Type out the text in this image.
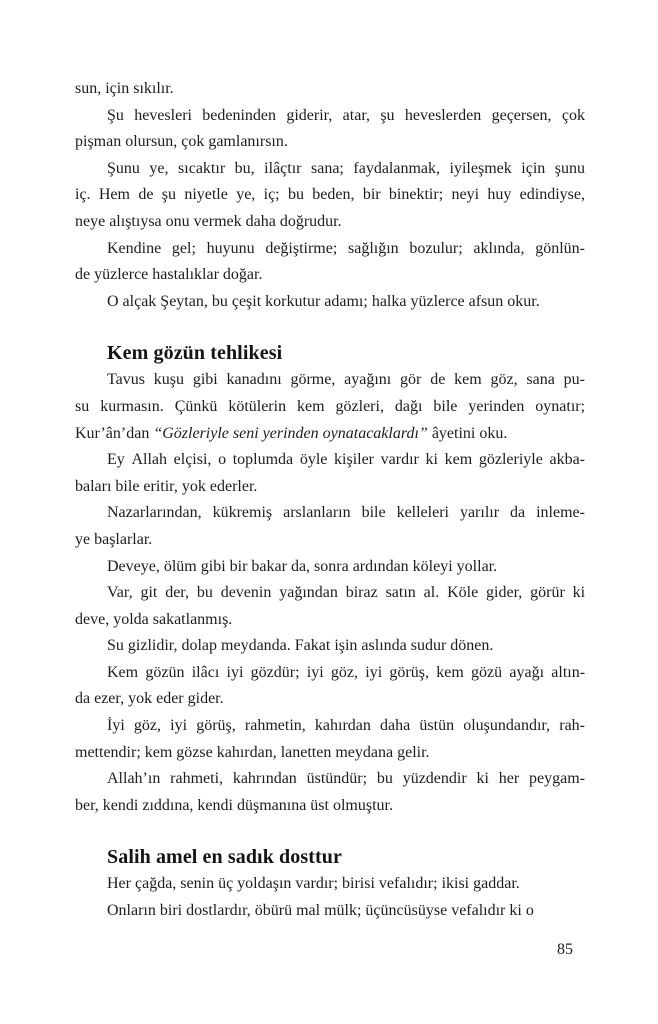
sun, için sıkılır.
Şu hevesleri bedeninden giderir, atar, şu heveslerden geçersen, çok
pişman olursun, çok gamlanırsın.
Şunu ye, sıcaktır bu, ilâçtır sana; faydalanmak, iyileşmek için şunu
iç. Hem de şu niyetle ye, iç; bu beden, bir binektir; neyi huy edindiyse,
neye alıştıysa onu vermek daha doğrudur.
Kendine gel; huyunu değiştirme; sağlığın bozulur; aklında, gönlün-
de yüzlerce hastalıklar doğar.
O alçak Şeytan, bu çeşit korkutur adamı; halka yüzlerce afsun okur.
Kem gözün tehlikesi
Tavus kuşu gibi kanadını görme, ayağını gör de kem göz, sana pu-
su kurmasın. Çünkü kötülerin kem gözleri, dağı bile yerinden oynatır;
Kur’ân’dan “Gözleriyle seni yerinden oynatacaklardı” âyetini oku.
Ey Allah elçisi, o toplumda öyle kişiler vardır ki kem gözleriyle akba-
baları bile eritir, yok ederler.
Nazarlarından, kükremiş arslanların bile kelleleri yarılır da inleme-
ye başlarlar.
Deveye, ölüm gibi bir bakar da, sonra ardından köleyi yollar.
Var, git der, bu devenin yağından biraz satın al. Köle gider, görür ki
deve, yolda sakatlanmış.
Su gizlidir, dolap meydanda. Fakat işin aslında sudur dönen.
Kem gözün ilâcı iyi gözdür; iyi göz, iyi görüş, kem gözü ayağı altın-
da ezer, yok eder gider.
İyi göz, iyi görüş, rahmetin, kahırdan daha üstün oluşundandır, rah-
mettendir; kem gözse kahırdan, lanetten meydana gelir.
Allah’ın rahmeti, kahrından üstündür; bu yüzdendir ki her peygam-
ber, kendi zıddına, kendi düşmanına üst olmuştur.
Salih amel en sadık dosttur
Her çağda, senin üç yoldaşın vardır; birisi vefalıdır; ikisi gaddar.
Onların biri dostlardır, öbürü mal mülk; üçüncüsüyse vefalıdır ki o
85
